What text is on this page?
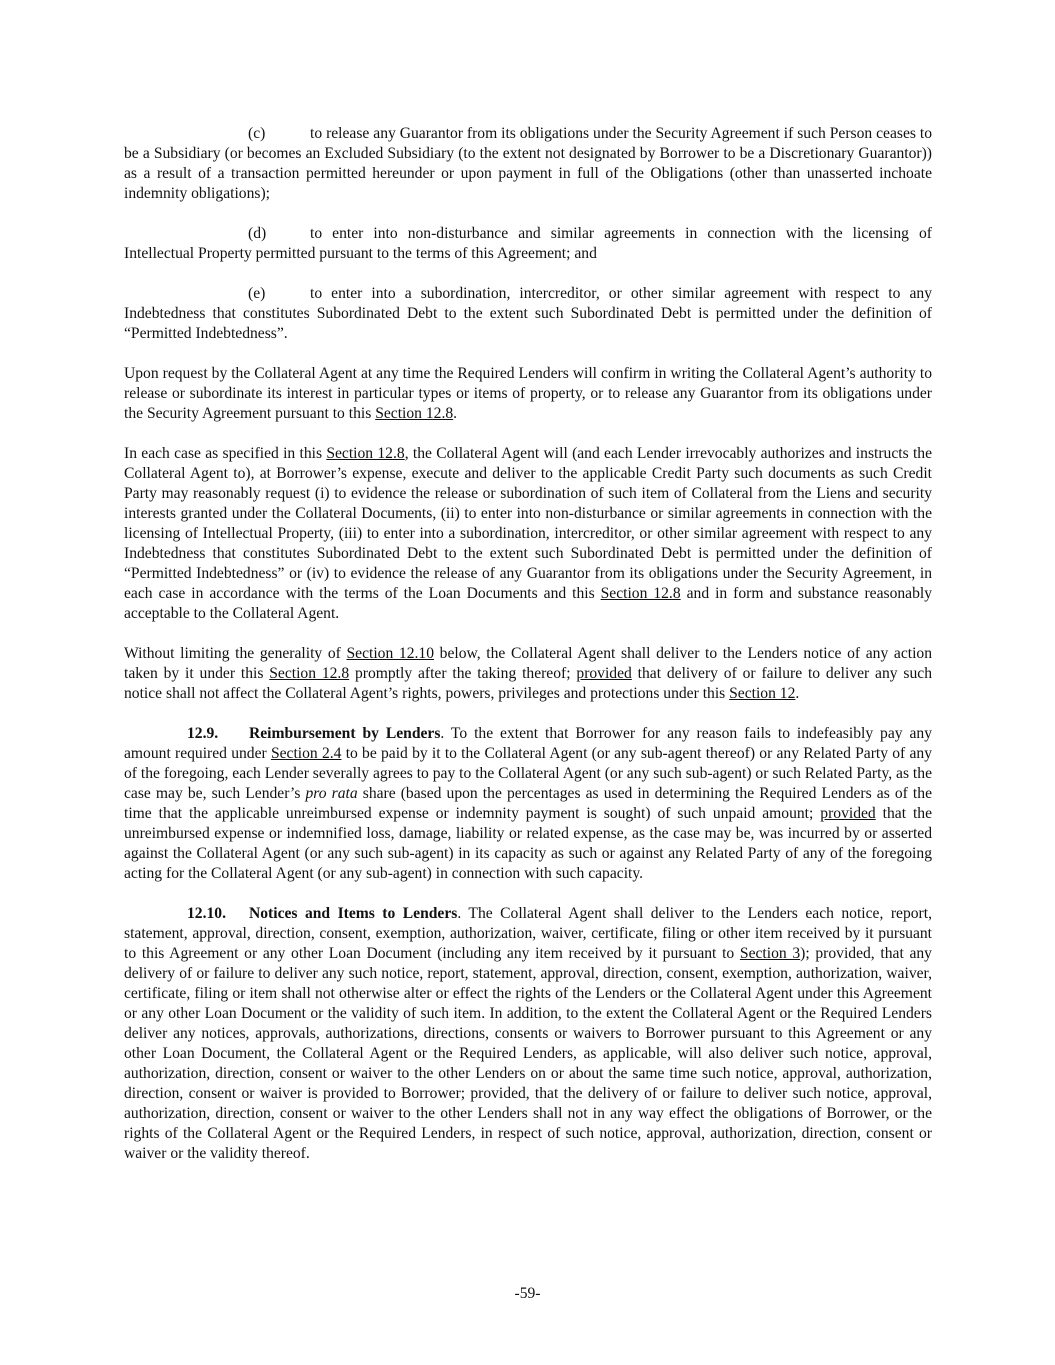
(c)	to release any Guarantor from its obligations under the Security Agreement if such Person ceases to be a Subsidiary (or becomes an Excluded Subsidiary (to the extent not designated by Borrower to be a Discretionary Guarantor)) as a result of a transaction permitted hereunder or upon payment in full of the Obligations (other than unasserted inchoate indemnity obligations);

(d)	to enter into non-disturbance and similar agreements in connection with the licensing of Intellectual Property permitted pursuant to the terms of this Agreement; and

(e)	to enter into a subordination, intercreditor, or other similar agreement with respect to any Indebtedness that constitutes Subordinated Debt to the extent such Subordinated Debt is permitted under the definition of “Permitted Indebtedness”.

Upon request by the Collateral Agent at any time the Required Lenders will confirm in writing the Collateral Agent’s authority to release or subordinate its interest in particular types or items of property, or to release any Guarantor from its obligations under the Security Agreement pursuant to this Section 12.8.

In each case as specified in this Section 12.8, the Collateral Agent will (and each Lender irrevocably authorizes and instructs the Collateral Agent to), at Borrower’s expense, execute and deliver to the applicable Credit Party such documents as such Credit Party may reasonably request (i) to evidence the release or subordination of such item of Collateral from the Liens and security interests granted under the Collateral Documents, (ii) to enter into non-disturbance or similar agreements in connection with the licensing of Intellectual Property, (iii) to enter into a subordination, intercreditor, or other similar agreement with respect to any Indebtedness that constitutes Subordinated Debt to the extent such Subordinated Debt is permitted under the definition of “Permitted Indebtedness” or (iv) to evidence the release of any Guarantor from its obligations under the Security Agreement, in each case in accordance with the terms of the Loan Documents and this Section 12.8 and in form and substance reasonably acceptable to the Collateral Agent.

Without limiting the generality of Section 12.10 below, the Collateral Agent shall deliver to the Lenders notice of any action taken by it under this Section 12.8 promptly after the taking thereof; provided that delivery of or failure to deliver any such notice shall not affect the Collateral Agent’s rights, powers, privileges and protections under this Section 12.

12.9. Reimbursement by Lenders. To the extent that Borrower for any reason fails to indefeasibly pay any amount required under Section 2.4 to be paid by it to the Collateral Agent (or any sub-agent thereof) or any Related Party of any of the foregoing, each Lender severally agrees to pay to the Collateral Agent (or any such sub-agent) or such Related Party, as the case may be, such Lender’s pro rata share (based upon the percentages as used in determining the Required Lenders as of the time that the applicable unreimbursed expense or indemnity payment is sought) of such unpaid amount; provided that the unreimbursed expense or indemnified loss, damage, liability or related expense, as the case may be, was incurred by or asserted against the Collateral Agent (or any such sub-agent) in its capacity as such or against any Related Party of any of the foregoing acting for the Collateral Agent (or any sub-agent) in connection with such capacity.

12.10. Notices and Items to Lenders. The Collateral Agent shall deliver to the Lenders each notice, report, statement, approval, direction, consent, exemption, authorization, waiver, certificate, filing or other item received by it pursuant to this Agreement or any other Loan Document (including any item received by it pursuant to Section 3); provided, that any delivery of or failure to deliver any such notice, report, statement, approval, direction, consent, exemption, authorization, waiver, certificate, filing or item shall not otherwise alter or effect the rights of the Lenders or the Collateral Agent under this Agreement or any other Loan Document or the validity of such item. In addition, to the extent the Collateral Agent or the Required Lenders deliver any notices, approvals, authorizations, directions, consents or waivers to Borrower pursuant to this Agreement or any other Loan Document, the Collateral Agent or the Required Lenders, as applicable, will also deliver such notice, approval, authorization, direction, consent or waiver to the other Lenders on or about the same time such notice, approval, authorization, direction, consent or waiver is provided to Borrower; provided, that the delivery of or failure to deliver such notice, approval, authorization, direction, consent or waiver to the other Lenders shall not in any way effect the obligations of Borrower, or the rights of the Collateral Agent or the Required Lenders, in respect of such notice, approval, authorization, direction, consent or waiver or the validity thereof.

-59-
